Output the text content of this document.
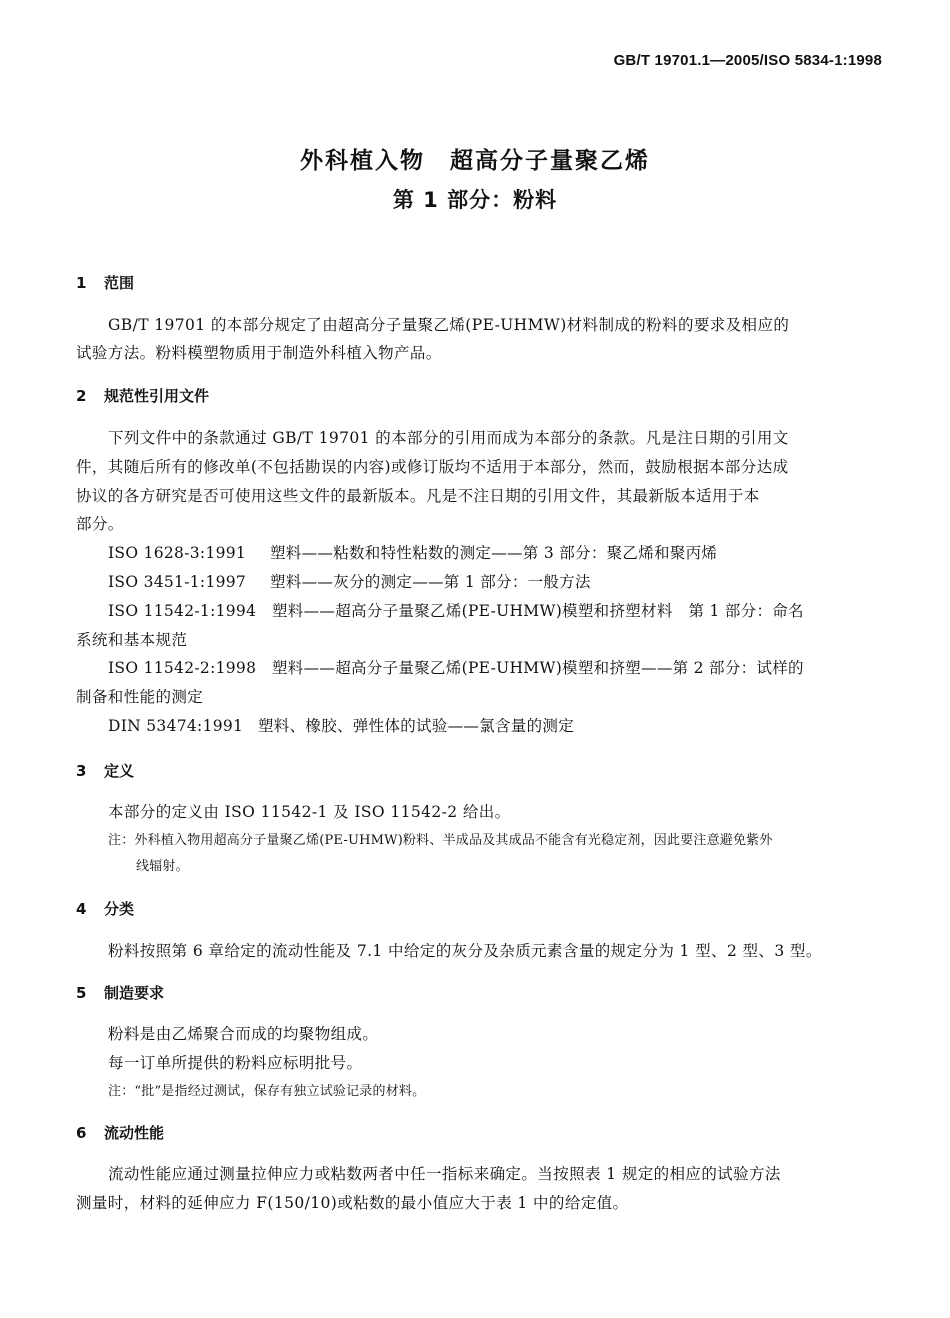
GB/T 19701.1—2005/ISO 5834-1:1998
外科植入物　超高分子量聚乙烯
第 1 部分：粉料
1 范围
GB/T 19701 的本部分规定了由超高分子量聚乙烯(PE-UHMW)材料制成的粉料的要求及相应的
试验方法。粉料模塑物质用于制造外科植入物产品。
2 规范性引用文件
下列文件中的条款通过 GB/T 19701 的本部分的引用而成为本部分的条款。凡是注日期的引用文
件，其随后所有的修改单(不包括勘误的内容)或修订版均不适用于本部分，然而，鼓励根据本部分达成
协议的各方研究是否可使用这些文件的最新版本。凡是不注日期的引用文件，其最新版本适用于本
部分。
ISO 1628-3:1991 塑料——粘数和特性粘数的测定——第 3 部分：聚乙烯和聚丙烯
ISO 3451-1:1997 塑料——灰分的测定——第 1 部分：一般方法
ISO 11542-1:1994 塑料——超高分子量聚乙烯(PE-UHMW)模塑和挤塑材料　第 1 部分：命名
系统和基本规范
ISO 11542-2:1998 塑料——超高分子量聚乙烯(PE-UHMW)模塑和挤塑——第 2 部分：试样的
制备和性能的测定
DIN 53474:1991 塑料、橡胶、弹性体的试验——氯含量的测定
3 定义
本部分的定义由 ISO 11542-1 及 ISO 11542-2 给出。
注：外科植入物用超高分子量聚乙烯(PE-UHMW)粉料、半成品及其成品不能含有光稳定剂，因此要注意避免紫外
线辐射。
4 分类
粉料按照第 6 章给定的流动性能及 7.1 中给定的灰分及杂质元素含量的规定分为 1 型、2 型、3 型。
5 制造要求
粉料是由乙烯聚合而成的均聚物组成。
每一订单所提供的粉料应标明批号。
注：“批”是指经过测试，保存有独立试验记录的材料。
6 流动性能
流动性能应通过测量拉伸应力或粘数两者中任一指标来确定。当按照表 1 规定的相应的试验方法
测量时，材料的延伸应力 F(150/10)或粘数的最小值应大于表 1 中的给定值。
